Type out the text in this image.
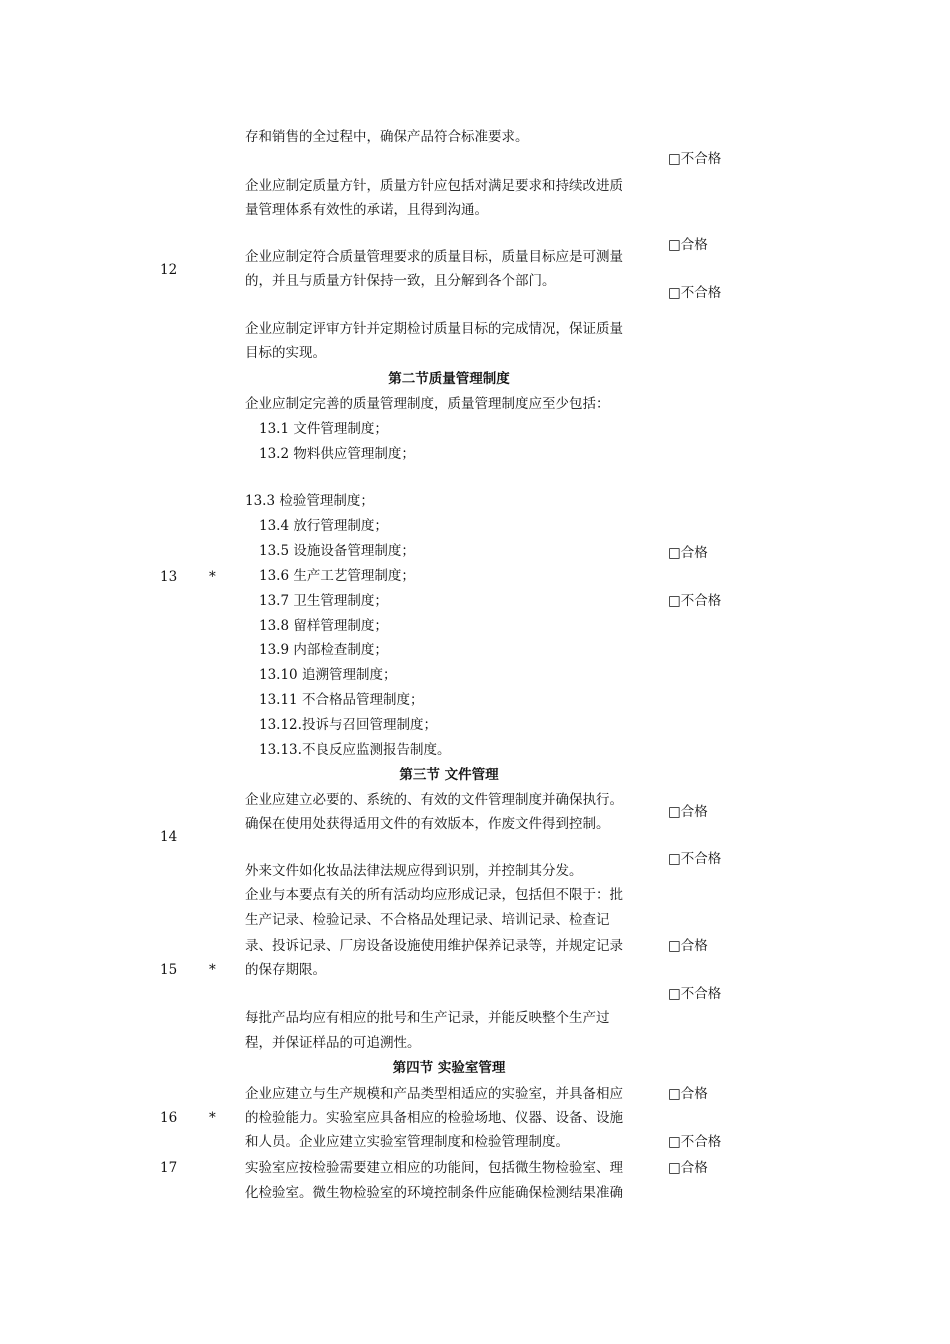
存和销售的全过程中，确保产品符合标准要求。
□不合格
12
企业应制定质量方针，质量方针应包括对满足要求和持续改进质
量管理体系有效性的承诺，且得到沟通。
企业应制定符合质量管理要求的质量目标，质量目标应是可测量
的，并且与质量方针保持一致，且分解到各个部门。
企业应制定评审方针并定期检讨质量目标的完成情况，保证质量
目标的实现。
□合格
□不合格
第二节质量管理制度
企业应制定完善的质量管理制度，质量管理制度应至少包括：
13.1 文件管理制度；
13.2 物料供应管理制度；
13.3 检验管理制度；
13.4 放行管理制度；
13.5 设施设备管理制度；
13.6 生产工艺管理制度；
13.7 卫生管理制度；
13.8 留样管理制度；
13.9 内部检查制度；
13.10 追溯管理制度；
13.11 不合格品管理制度；
13.12.投诉与召回管理制度；
13.13.不良反应监测报告制度。
13 *
□合格
□不合格
第三节 文件管理
企业应建立必要的、系统的、有效的文件管理制度并确保执行。
确保在使用处获得适用文件的有效版本，作废文件得到控制。
外来文件如化妆品法律法规应得到识别，并控制其分发。
14
□合格
□不合格
企业与本要点有关的所有活动均应形成记录，包括但不限于：批
生产记录、检验记录、不合格品处理记录、培训记录、检查记
录、投诉记录、厂房设备设施使用维护保养记录等，并规定记录
的保存期限。
每批产品均应有相应的批号和生产记录，并能反映整个生产过
程，并保证样品的可追溯性。
15 *
□合格
□不合格
第四节 实验室管理
企业应建立与生产规模和产品类型相适应的实验室，并具备相应
的检验能力。实验室应具备相应的检验场地、仪器、设备、设施
和人员。企业应建立实验室管理制度和检验管理制度。
16 *
□合格
□不合格
实验室应按检验需要建立相应的功能间，包括微生物检验室、理
化检验室。微生物检验室的环境控制条件应能确保检测结果准确
17	□合格
